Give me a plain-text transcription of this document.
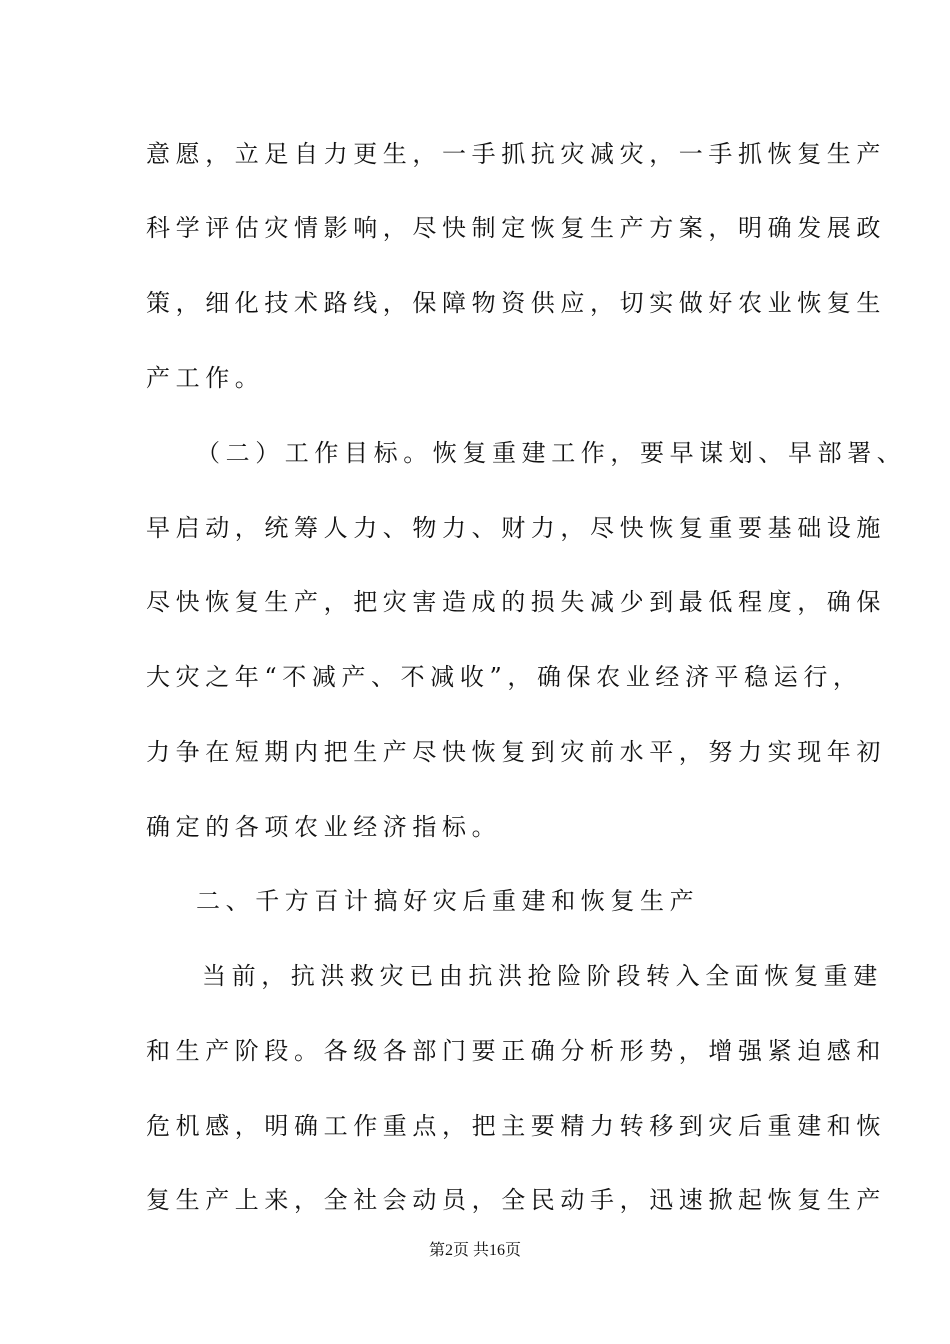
意愿，立足自力更生，一手抓抗灾减灾，一手抓恢复生产
科学评估灾情影响，尽快制定恢复生产方案，明确发展政
策，细化技术路线，保障物资供应，切实做好农业恢复生
产工作。
（二）工作目标。恢复重建工作，要早谋划、早部署、
早启动，统筹人力、物力、财力，尽快恢复重要基础设施
尽快恢复生产，把灾害造成的损失减少到最低程度，确保
大灾之年“不减产、不减收”，确保农业经济平稳运行，
力争在短期内把生产尽快恢复到灾前水平，努力实现年初
确定的各项农业经济指标。
二、千方百计搞好灾后重建和恢复生产
当前，抗洪救灾已由抗洪抢险阶段转入全面恢复重建
和生产阶段。各级各部门要正确分析形势，增强紧迫感和
危机感，明确工作重点，把主要精力转移到灾后重建和恢
复生产上来，全社会动员，全民动手，迅速掀起恢复生产
第2页 共16页
